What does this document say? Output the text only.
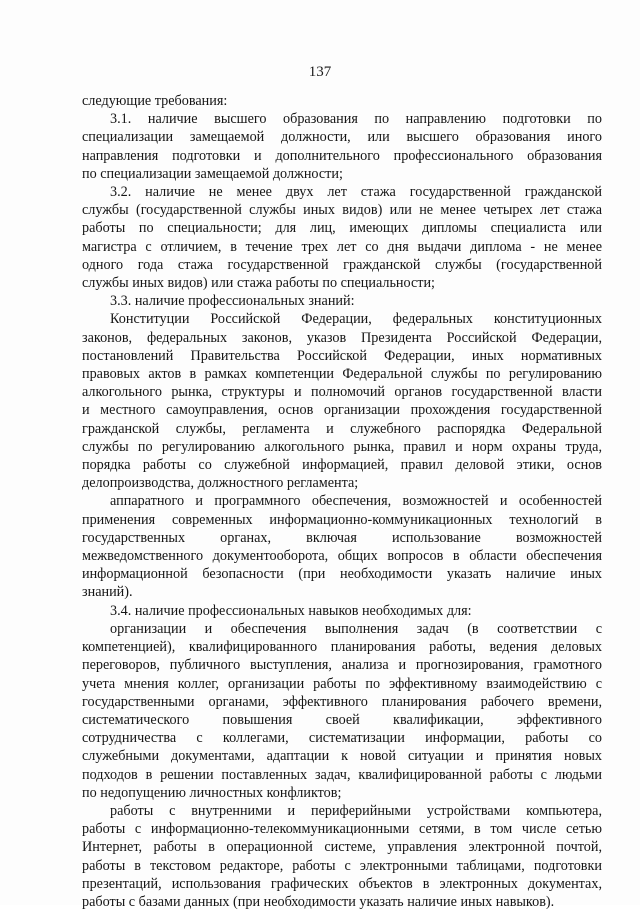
137
следующие требования:
3.1. наличие высшего образования по направлению подготовки по
специализации замещаемой должности, или высшего образования иного
направления подготовки и дополнительного профессионального образования
по специализации замещаемой должности;
3.2. наличие не менее двух лет стажа государственной гражданской
службы (государственной службы иных видов) или не менее четырех лет стажа
работы по специальности; для лиц, имеющих дипломы специалиста или
магистра с отличием, в течение трех лет со дня выдачи диплома - не менее
одного года стажа государственной гражданской службы (государственной
службы иных видов) или стажа работы по специальности;
3.3. наличие профессиональных знаний:
Конституции Российской Федерации, федеральных конституционных
законов, федеральных законов, указов Президента Российской Федерации,
постановлений Правительства Российской Федерации, иных нормативных
правовых актов в рамках компетенции Федеральной службы по регулированию
алкогольного рынка, структуры и полномочий органов государственной власти
и местного самоуправления, основ организации прохождения государственной
гражданской службы, регламента и служебного распорядка Федеральной
службы по регулированию алкогольного рынка, правил и норм охраны труда,
порядка работы со служебной информацией, правил деловой этики, основ
делопроизводства, должностного регламента;
аппаратного и программного обеспечения, возможностей и особенностей
применения современных информационно-коммуникационных технологий в
государственных органах, включая использование возможностей
межведомственного документооборота, общих вопросов в области обеспечения
информационной безопасности (при необходимости указать наличие иных
знаний).
3.4. наличие профессиональных навыков необходимых для:
организации и обеспечения выполнения задач (в соответствии с
компетенцией), квалифицированного планирования работы, ведения деловых
переговоров, публичного выступления, анализа и прогнозирования, грамотного
учета мнения коллег, организации работы по эффективному взаимодействию с
государственными органами, эффективного планирования рабочего времени,
систематического повышения своей квалификации, эффективного
сотрудничества с коллегами, систематизации информации, работы со
служебными документами, адаптации к новой ситуации и принятия новых
подходов в решении поставленных задач, квалифицированной работы с людьми
по недопущению личностных конфликтов;
работы с внутренними и периферийными устройствами компьютера,
работы с информационно-телекоммуникационными сетями, в том числе сетью
Интернет, работы в операционной системе, управления электронной почтой,
работы в текстовом редакторе, работы с электронными таблицами, подготовки
презентаций, использования графических объектов в электронных документах,
работы с базами данных (при необходимости указать наличие иных навыков).
